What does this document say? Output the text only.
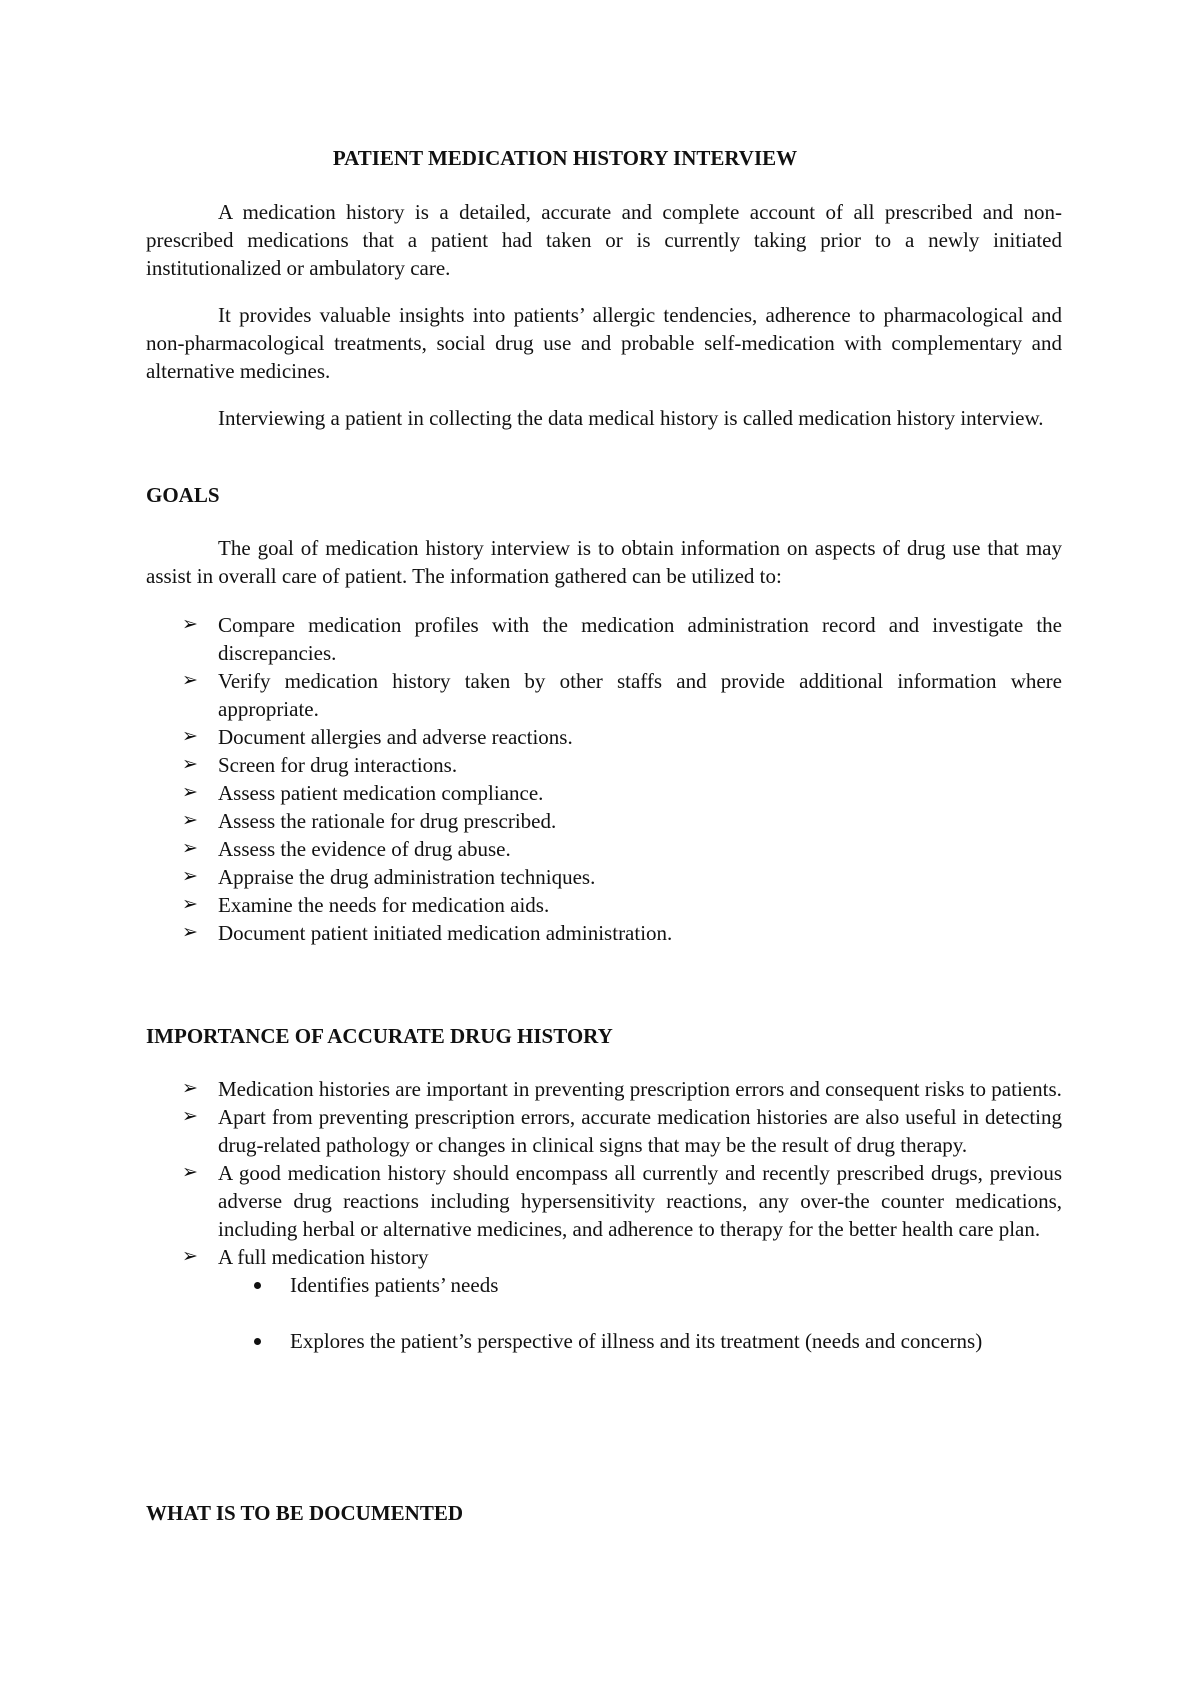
PATIENT MEDICATION HISTORY INTERVIEW

A medication history is a detailed, accurate and complete account of all prescribed and non-prescribed medications that a patient had taken or is currently taking prior to a newly initiated institutionalized or ambulatory care.

It provides valuable insights into patients’ allergic tendencies, adherence to pharmacological and non-pharmacological treatments, social drug use and probable self-medication with complementary and alternative medicines.

Interviewing a patient in collecting the data medical history is called medication history interview.

GOALS

The goal of medication history interview is to obtain information on aspects of drug use that may assist in overall care of patient. The information gathered can be utilized to:

➢ Compare medication profiles with the medication administration record and investigate the discrepancies.
➢ Verify medication history taken by other staffs and provide additional information where appropriate.
➢ Document allergies and adverse reactions.
➢ Screen for drug interactions.
➢ Assess patient medication compliance.
➢ Assess the rationale for drug prescribed.
➢ Assess the evidence of drug abuse.
➢ Appraise the drug administration techniques.
➢ Examine the needs for medication aids.
➢ Document patient initiated medication administration.
IMPORTANCE OF ACCURATE DRUG HISTORY
➢ Medication histories are important in preventing prescription errors and consequent risks to patients.
➢ Apart from preventing prescription errors, accurate medication histories are also useful in detecting drug-related pathology or changes in clinical signs that may be the result of drug therapy.
➢ A good medication history should encompass all currently and recently prescribed drugs, previous adverse drug reactions including hypersensitivity reactions, any over-the counter medications, including herbal or alternative medicines, and adherence to therapy for the better health care plan.
➢ A full medication history
Identifies patients’ needs
Explores the patient’s perspective of illness and its treatment (needs and concerns)
WHAT IS TO BE DOCUMENTED
